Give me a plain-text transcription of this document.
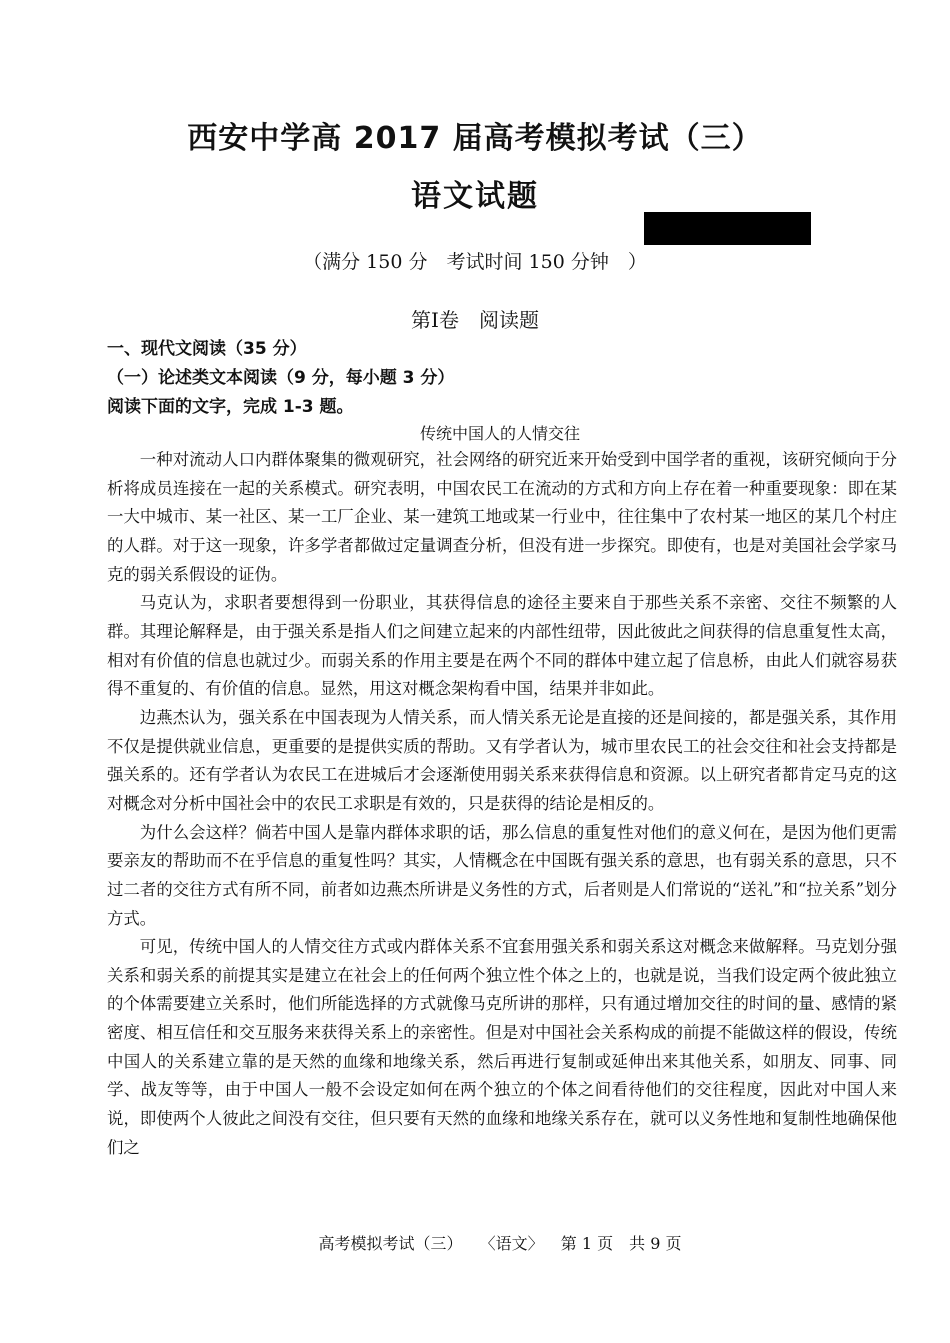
西安中学高 2017 届高考模拟考试（三）
语文试题
（满分 150 分　考试时间 150 分钟　）
第Ⅰ卷　阅读题
一、现代文阅读（35 分）
（一）论述类文本阅读（9 分，每小题 3 分）
阅读下面的文字，完成 1-3 题。
传统中国人的人情交往

一种对流动人口内群体聚集的微观研究，社会网络的研究近来开始受到中国学者的重视，该研究倾向于分析将成员连接在一起的关系模式。研究表明，中国农民工在流动的方式和方向上存在着一种重要现象：即在某一大中城市、某一社区、某一工厂企业、某一建筑工地或某一行业中，往往集中了农村某一地区的某几个村庄的人群。对于这一现象，许多学者都做过定量调查分析，但没有进一步探究。即使有，也是对美国社会学家马克的弱关系假设的证伪。

马克认为，求职者要想得到一份职业，其获得信息的途径主要来自于那些关系不亲密、交往不频繁的人群。其理论解释是，由于强关系是指人们之间建立起来的内部性纽带，因此彼此之间获得的信息重复性太高，相对有价值的信息也就过少。而弱关系的作用主要是在两个不同的群体中建立起了信息桥，由此人们就容易获得不重复的、有价值的信息。显然，用这对概念架构看中国，结果并非如此。

边燕杰认为，强关系在中国表现为人情关系，而人情关系无论是直接的还是间接的，都是强关系，其作用不仅是提供就业信息，更重要的是提供实质的帮助。又有学者认为，城市里农民工的社会交往和社会支持都是强关系的。还有学者认为农民工在进城后才会逐渐使用弱关系来获得信息和资源。以上研究者都肯定马克的这对概念对分析中国社会中的农民工求职是有效的，只是获得的结论是相反的。

为什么会这样？倘若中国人是靠内群体求职的话，那么信息的重复性对他们的意义何在，是因为他们更需要亲友的帮助而不在乎信息的重复性吗？其实，人情概念在中国既有强关系的意思，也有弱关系的意思，只不过二者的交往方式有所不同，前者如边燕杰所讲是义务性的方式，后者则是人们常说的“送礼”和“拉关系”划分方式。

可见，传统中国人的人情交往方式或内群体关系不宜套用强关系和弱关系这对概念来做解释。马克划分强关系和弱关系的前提其实是建立在社会上的任何两个独立性个体之上的，也就是说，当我们设定两个彼此独立的个体需要建立关系时，他们所能选择的方式就像马克所讲的那样，只有通过增加交往的时间的量、感情的紧密度、相互信任和交互服务来获得关系上的亲密性。但是对中国社会关系构成的前提不能做这样的假设，传统中国人的关系建立靠的是天然的血缘和地缘关系，然后再进行复制或延伸出来其他关系，如朋友、同事、同学、战友等等，由于中国人一般不会设定如何在两个独立的个体之间看待他们的交往程度，因此对中国人来说，即使两个人彼此之间没有交往，但只要有天然的血缘和地缘关系存在，就可以义务性地和复制性地确保他们之

高考模拟考试（三） 〈语文〉 第 1 页　共 9 页
